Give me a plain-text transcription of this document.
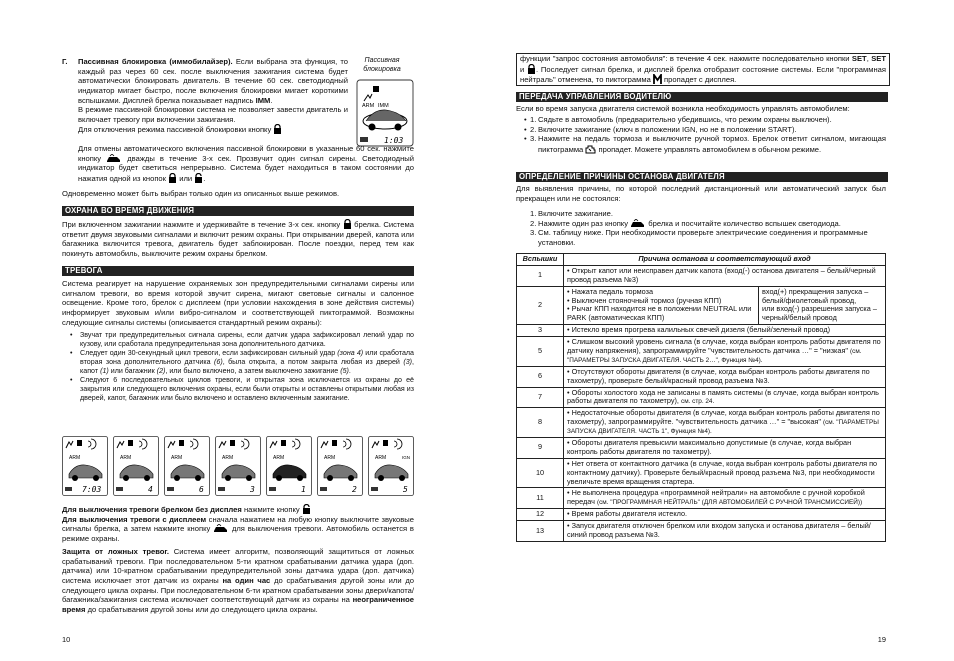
Г. Пассивная блокировка (иммобилайзер). Если выбрана эта функция, то каждый раз через 60 сек. после выключения зажигания система будет автоматически блокировать двигатель. В течение 60 сек. светодиодный индикатор мигает быстро, после включения блокировки мигает короткими вспышками. Дисплей брелка показывает надпись IMM.

В режиме пассивной блокировки система не позволяет завести двигатель и включает тревогу при включении зажигания.

Для отключения режима пассивной блокировки кнопку

Пассивная блокировка
ARM IMM
1:03
Для отмены автоматического включения пассивной блокировки в указанные 60 сек. нажмите кнопку	дважды в течение 3-х сек. Прозвучит один сигнал сирены. Светодиодный индикатор будет светиться непрерывно. Система будет находиться в таком состоянии до нажатия одной из кнопок или .
Одновременно может быть выбран только один из описанных выше режимов.
ОХРАНА ВО ВРЕМЯ ДВИЖЕНИЯ
При включенном зажигании нажмите и удерживайте в течение 3-х сек. кнопку брелка. Система ответит двумя звуковыми сигналами и включит режим охраны. При открывании дверей, капота или багажника включится тревога, двигатель будет заблокирован. После поездки, перед тем как покинуть автомобиль, выключите режим охраны брелком.
ТРЕВОГА
Система реагирует на нарушение охраняемых зон предупредительными сигналами сирены или сигналом тревоги, во время которой звучит сирена, мигают световые сигналы и салонное освещение. Кроме того, брелок с дисплеем (при условии нахождения в зоне действия системы) информирует звуковым и/или вибро-сигналом и соответствующей пиктограммой. Возможны следующие сигналы системы (описывается стандартный режим охраны):
• Звучат три предупредительных сигнала сирены, если датчик удара зафиксировал легкий удар по кузову, или сработала предупредительная зона дополнительного датчика.
• Следует один 30-секундный цикл тревоги, если зафиксирован сильный удар (зона 4) или сработала вторая зона дополнительного датчика (6), была открыта, а потом закрыта любая из дверей (3), капот (1) или багажник (2), или было включено, а затем выключено зажигание (5).
• Следуют 6 последовательных циклов тревоги, и открытая зона исключается из охраны до её закрытия или следующего включения охраны, если были открыты и оставлены открытыми любая из дверей, капот, багажник или было включено и оставлено включенным зажигание.
ARM
7:03
ARM
4
ARM
6
ARM
3
ARM
1
ARM
2
ARM	IGN
5
Для выключения тревоги брелком без дисплея нажмите кнопку
Для выключения тревоги с дисплеем сначала нажатием на любую кнопку выключите звуковые сигналы брелка, а затем нажмите кнопку	для выключения тревоги. Автомобиль останется в режиме охраны.
Защита от ложных тревог. Система имеет алгоритм, позволяющий защититься от ложных срабатываний тревоги. При последовательном 5-ти кратном срабатывании датчика удара (доп. датчика) или 10-кратном срабатывании предупредительной зоны датчика удара (доп. датчика) система исключает этот датчик из охраны на один час до срабатывания другой зоны или до следующего цикла охраны. При последовательном 6-ти кратном срабатывании зоны двери/капота/багажника/зажигания система исключает соответствующий датчик из охраны на неограниченное время до срабатывания другой зоны или до следующего цикла охраны.
10
функции "запрос состояния автомобиля": в течение 4 сек. нажмите последовательно кнопки SET, SET и . Последует сигнал брелка, и дисплей брелка отобразит состояние системы. Если "программная нейтраль" отменена, то пиктограмма пропадет с дисплея.
ПЕРЕДАЧА УПРАВЛЕНИЯ ВОДИТЕЛЮ
Если во время запуска двигателя системой возникла необходимость управлять автомобилем:
• 1. Сядьте в автомобиль (предварительно убедившись, что режим охраны выключен).
• 2. Включите зажигание (ключ в положении IGN, но не в положении START).
• 3. Нажмите на педаль тормоза и выключите ручной тормоз. Брелок ответит сигналом, мигающая пиктограмма пропадет. Можете управлять автомобилем в обычном режиме.
ОПРЕДЕЛЕНИЕ ПРИЧИНЫ ОСТАНОВА ДВИГАТЕЛЯ
Для выявления причины, по которой последний дистанционный или автоматический запуск был прекращен или не состоялся:
1. Включите зажигание.
2. Нажмите один раз кнопку	брелка и посчитайте количество вспышек светодиода.
3. См. таблицу ниже. При необходимости проверьте электрические соединения и программные установки.
Вспышки	Причина останова и соответствующий вход	
1	• Открыт капот или неисправен датчик капота (вход(-) останова двигателя – белый/черный провод разъема №3)	
2	• Нажата педаль тормоза
• Выключен стояночный тормоз (ручная КПП)
• Рычаг КПП находится не в положении NEUTRAL или PARK (автоматическая КПП)	вход(+) прекращения запуска – белый/фиолетовый провод,
или вход(-) разрешения запуска – черный/белый провод
3	• Истекло время прогрева калильных свечей дизеля (белый/зеленый провод)	
5	• Слишком высокий уровень сигнала (в случае, когда выбран контроль работы двигателя по датчику напряжения), запрограммируйте "чувствительность датчика …" = "низкая" (см. "ПАРАМЕТРЫ ЗАПУСКА ДВИГАТЕЛЯ. ЧАСТЬ 2…", Функция №4).	
6	• Отсутствуют обороты двигателя (в случае, когда выбран контроль работы двигателя по тахометру), проверьте белый/красный провод разъема №3.	
7	• Обороты холостого хода не записаны в память системы (в случае, когда выбран контроль работы двигателя по тахометру), см. стр. 24.	
8	• Недостаточные обороты двигателя (в случае, когда выбран контроль работы двигателя по тахометру), запрограммируйте. "чувствительность датчика …" = "высокая" (см. "ПАРАМЕТРЫ ЗАПУСКА ДВИГАТЕЛЯ. ЧАСТЬ 1", Функция №4).	
9	• Обороты двигателя превысили максимально допустимые (в случае, когда выбран контроль работы двигателя по тахометру).	
10	• Нет ответа от контактного датчика (в случае, когда выбран контроль работы двигателя по контактному датчику). Проверьте белый/красный провод разъема №3, при необходимости увеличьте время вращения стартера.	
11	• Не выполнена процедура «программной нейтрали» на автомобиле с ручной коробкой передач (см. "ПРОГРАММНАЯ НЕЙТРАЛЬ" (ДЛЯ АВТОМОБИЛЕЙ С РУЧНОЙ ТРАНСМИССИЕЙ))	
12	• Время работы двигателя истекло.	
13	• Запуск двигателя отключен брелком или входом запуска и останова двигателя – белый/синий провод разъема №3.	
19
